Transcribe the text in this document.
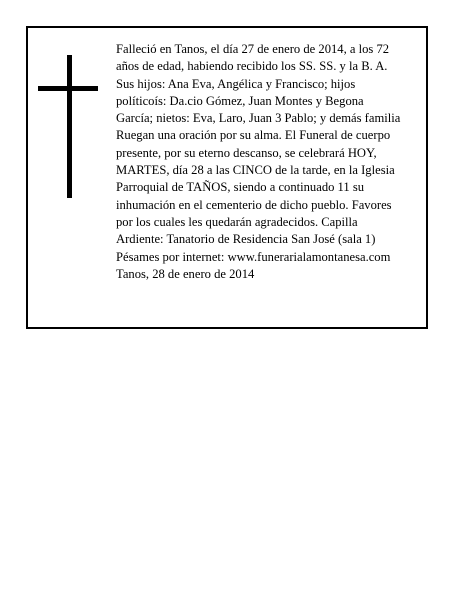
Falleció en Tanos, el día 27 de enero de 2014, a los 72
años de edad, habiendo recibido los SS. SS. y la B. A.
Sus hijos: Ana Eva, Angélica y Francisco; hijos
políticoís: Da.cio Gómez, Juan Montes y Begona
García; nietos: Eva, Laro, Juan 3 Pablo; y demás familia
Ruegan una oración por su alma. El Funeral de cuerpo
presente, por su eterno descanso, se celebrará HOY,
MARTES, día 28 a las CINCO de la tarde, en la Iglesia
Parroquial de TAÑOS, siendo a continuado 11 su
inhumación en el cementerio de dicho pueblo. Favores
por los cuales les quedarán agradecidos. Capilla
Ardiente: Tanatorio de Residencia San José (sala 1)
Pésames por internet: www.funerarialamontanesa.com
Tanos, 28 de enero de 2014
